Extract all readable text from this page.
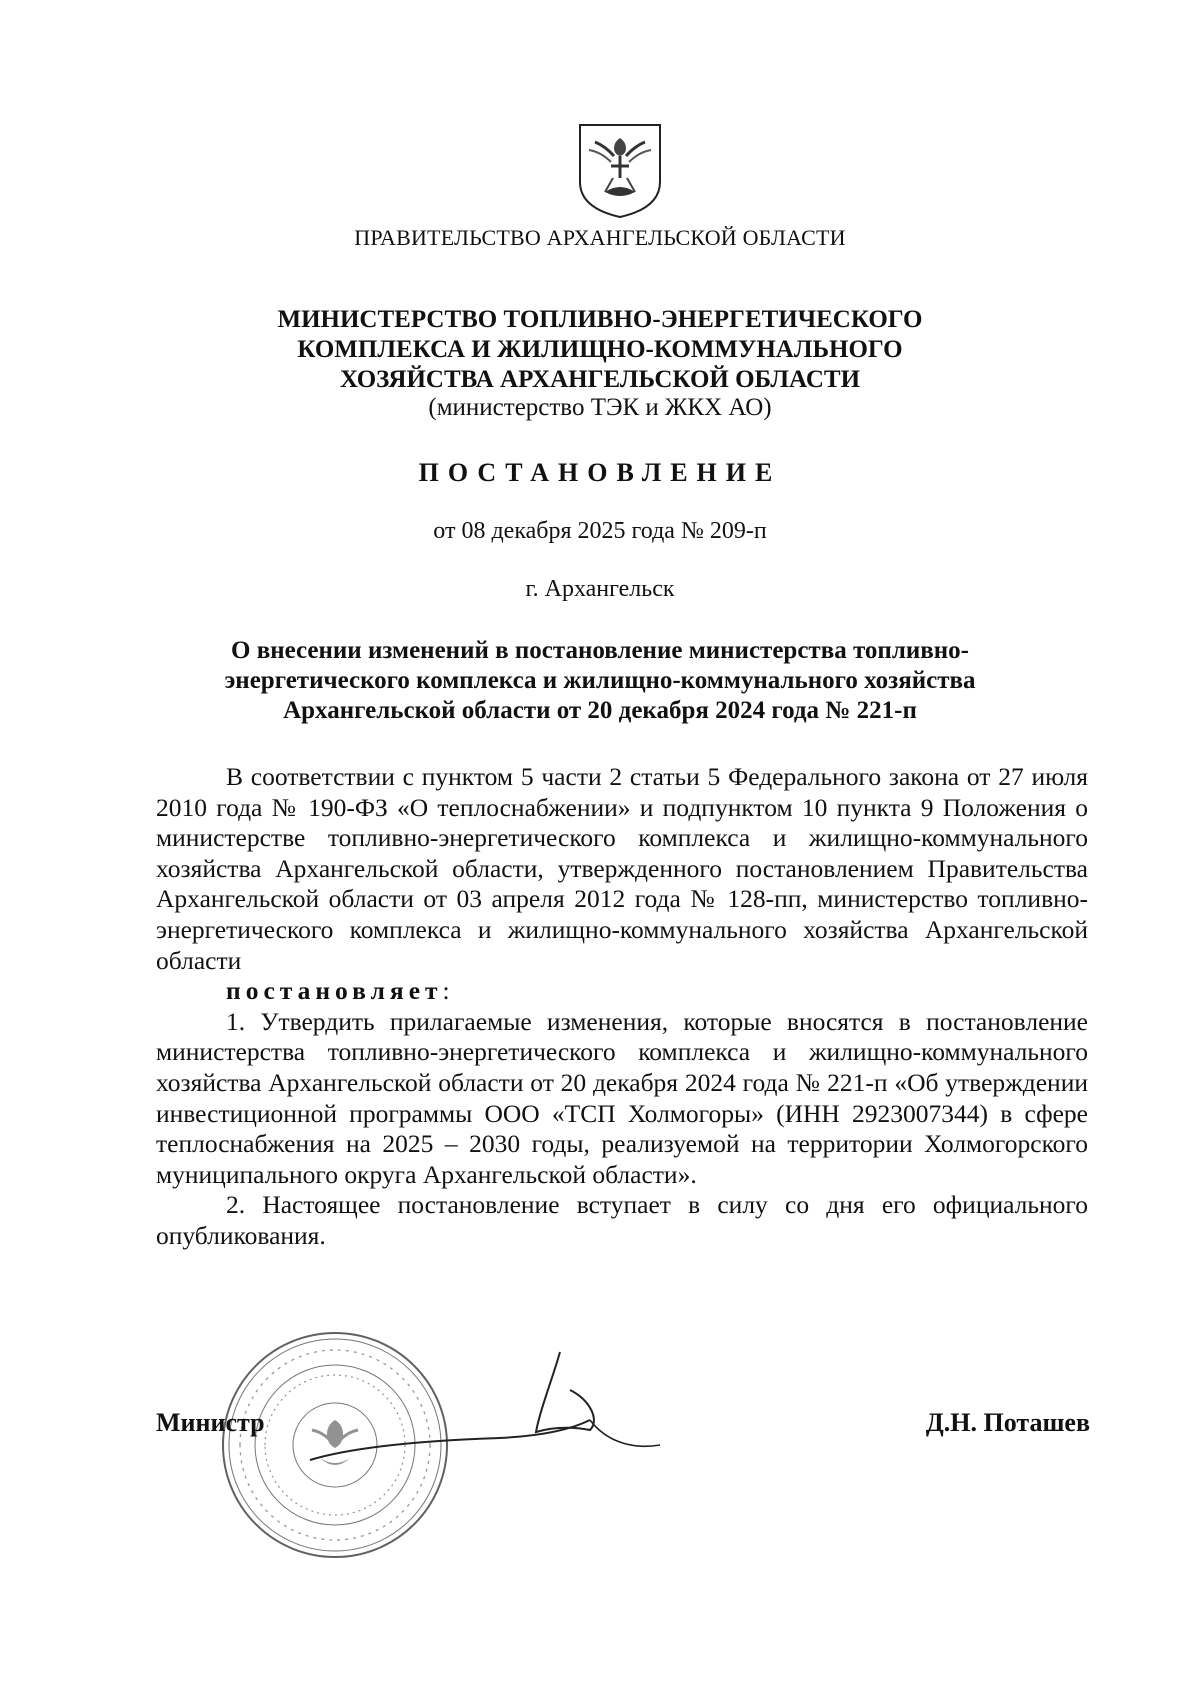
ПРАВИТЕЛЬСТВО АРХАНГЕЛЬСКОЙ ОБЛАСТИ
МИНИСТЕРСТВО ТОПЛИВНО-ЭНЕРГЕТИЧЕСКОГО
КОМПЛЕКСА И ЖИЛИЩНО-КОММУНАЛЬНОГО
ХОЗЯЙСТВА АРХАНГЕЛЬСКОЙ ОБЛАСТИ
(министерство ТЭК и ЖКХ АО)
ПОСТАНОВЛЕНИЕ
от 08 декабря 2025 года № 209-п
г. Архангельск
О внесении изменений в постановление министерства топливно-
энергетического комплекса и жилищно-коммунального хозяйства
Архангельской области от 20 декабря 2024 года № 221-п

В соответствии с пунктом 5 части 2 статьи 5 Федерального закона от 27 июля 2010 года № 190-ФЗ «О теплоснабжении» и подпунктом 10 пункта 9 Положения о министерстве топливно-энергетического комплекса и жилищно-коммунального хозяйства Архангельской области, утвержденного постановлением Правительства Архангельской области от 03 апреля 2012 года № 128-пп, министерство топливно-энергетического комплекса и жилищно-коммунального хозяйства Архангельской области

постановляет:

1. Утвердить прилагаемые изменения, которые вносятся в постановление министерства топливно-энергетического комплекса и жилищно-коммунального хозяйства Архангельской области от 20 декабря 2024 года № 221-п «Об утверждении инвестиционной программы ООО «ТСП Холмогоры» (ИНН 2923007344) в сфере теплоснабжения на 2025 – 2030 годы, реализуемой на территории Холмогорского муниципального округа Архангельской области».

2. Настоящее постановление вступает в силу со дня его официального опубликования.

Министр	Д.Н. Поташев
